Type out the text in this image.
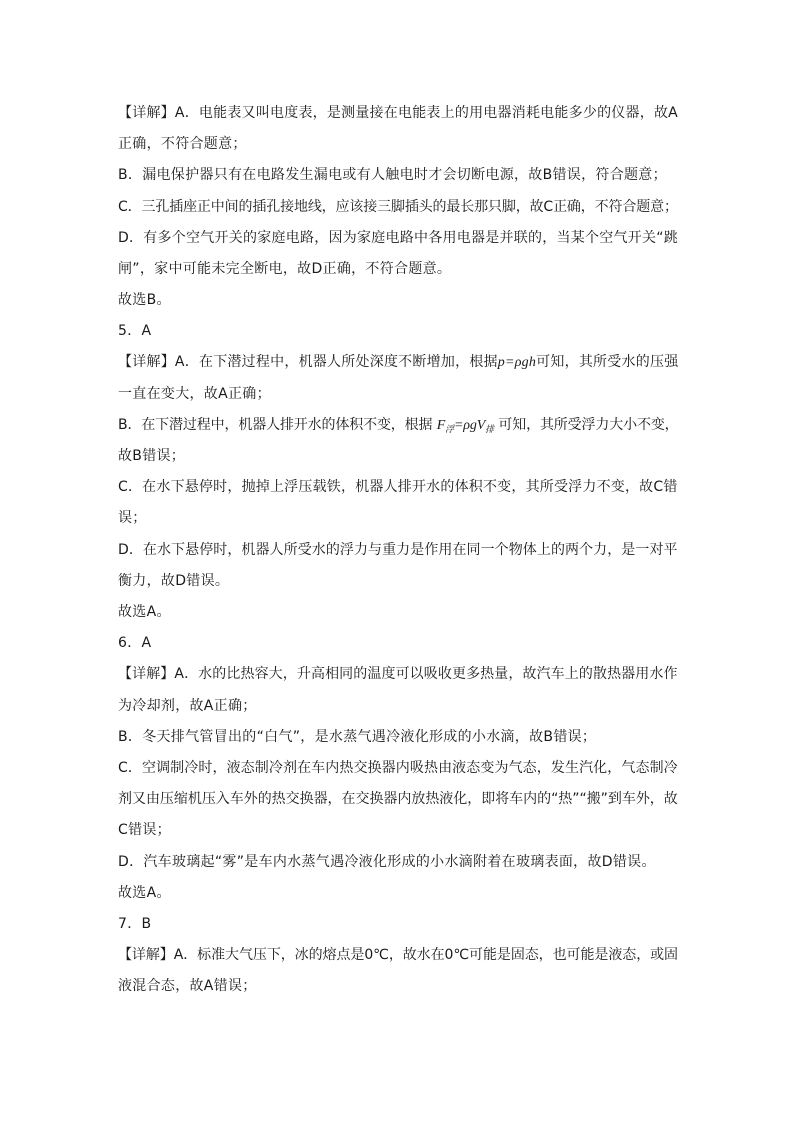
【详解】A．电能表又叫电度表，是测量接在电能表上的用电器消耗电能多少的仪器，故A
正确，不符合题意；
B．漏电保护器只有在电路发生漏电或有人触电时才会切断电源，故B错误，符合题意；
C．三孔插座正中间的插孔接地线，应该接三脚插头的最长那只脚，故C正确，不符合题意；
D．有多个空气开关的家庭电路，因为家庭电路中各用电器是并联的，当某个空气开关“跳
闸”，家中可能未完全断电，故D正确，不符合题意。
故选B。
5．A
【详解】A．在下潜过程中，机器人所处深度不断增加，根据p=ρgh可知，其所受水的压强
一直在变大，故A正确；
B．在下潜过程中，机器人排开水的体积不变，根据 $F_浮=\rho gV_排$ 可知，其所受浮力大小不变，
故B错误；
C．在水下悬停时，抛掉上浮压载铁，机器人排开水的体积不变，其所受浮力不变，故C错
误；
D．在水下悬停时，机器人所受水的浮力与重力是作用在同一个物体上的两个力，是一对平
衡力，故D错误。
故选A。
6．A
【详解】A．水的比热容大，升高相同的温度可以吸收更多热量，故汽车上的散热器用水作
为冷却剂，故A正确；
B．冬天排气管冒出的“白气”，是水蒸气遇冷液化形成的小水滴，故B错误；
C．空调制冷时，液态制冷剂在车内热交换器内吸热由液态变为气态，发生汽化，气态制冷
剂又由压缩机压入车外的热交换器，在交换器内放热液化，即将车内的“热”“搬”到车外，故
C错误；
D．汽车玻璃起“雾”是车内水蒸气遇冷液化形成的小水滴附着在玻璃表面，故D错误。
故选A。
7．B
【详解】A．标准大气压下，冰的熔点是0℃，故水在0℃可能是固态，也可能是液态，或固
液混合态，故A错误；
